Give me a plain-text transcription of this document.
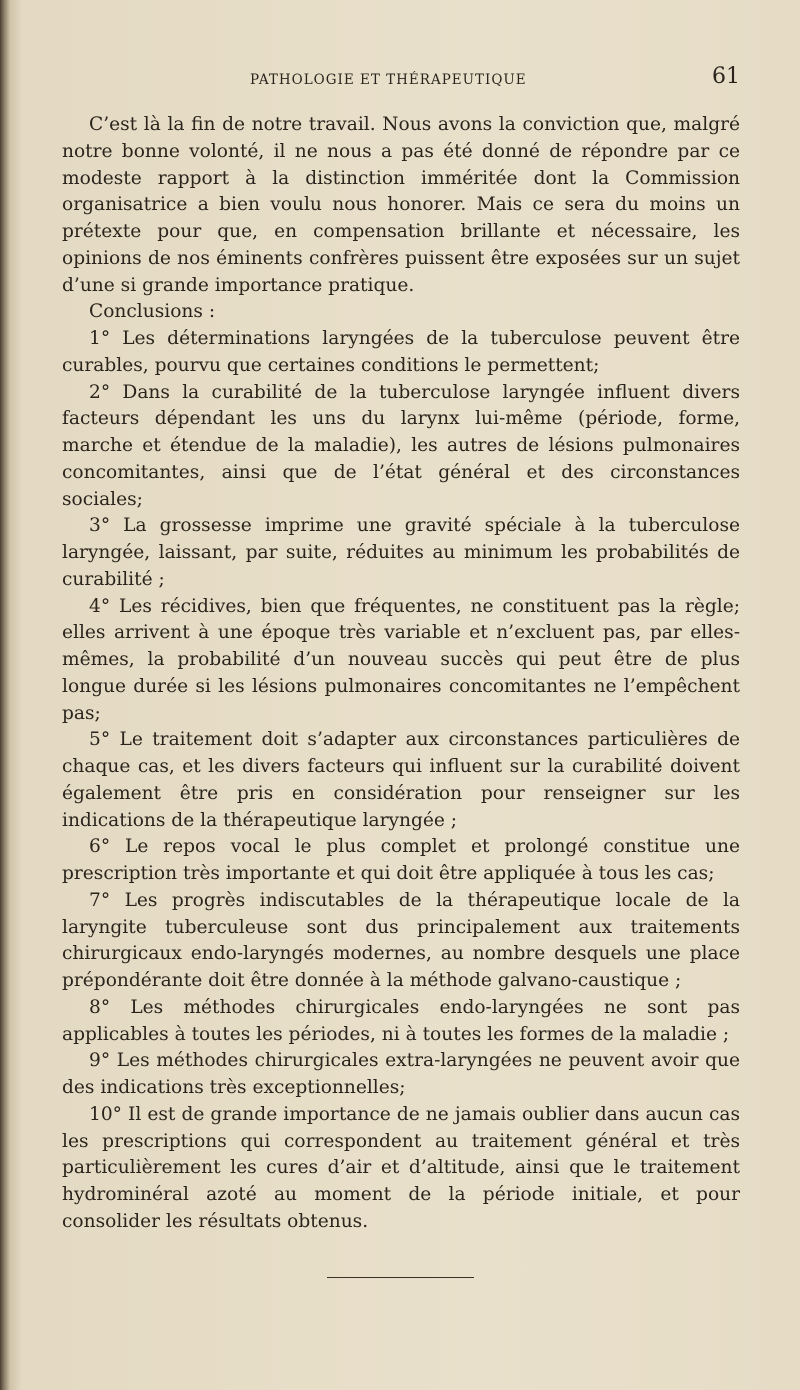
PATHOLOGIE ET THÉRAPEUTIQUE	61

C’est là la fin de notre travail. Nous avons la conviction que, malgré notre bonne volonté, il ne nous a pas été donné de répondre par ce modeste rapport à la distinction imméritée dont la Commission organisatrice a bien voulu nous honorer. Mais ce sera du moins un prétexte pour que, en compensation brillante et nécessaire, les opinions de nos éminents confrères puissent être exposées sur un sujet d’une si grande importance pratique.

Conclusions :

1° Les déterminations laryngées de la tuberculose peuvent être curables, pourvu que certaines conditions le permettent;

2° Dans la curabilité de la tuberculose laryngée influent divers facteurs dépendant les uns du larynx lui-même (période, forme, marche et étendue de la maladie), les autres de lésions pulmonaires concomitantes, ainsi que de l’état général et des circonstances sociales;

3° La grossesse imprime une gravité spéciale à la tuberculose laryngée, laissant, par suite, réduites au minimum les probabilités de curabilité ;

4° Les récidives, bien que fréquentes, ne constituent pas la règle; elles arrivent à une époque très variable et n’excluent pas, par elles-mêmes, la probabilité d’un nouveau succès qui peut être de plus longue durée si les lésions pulmonaires concomitantes ne l’empêchent pas;

5° Le traitement doit s’adapter aux circonstances particulières de chaque cas, et les divers facteurs qui influent sur la curabilité doivent également être pris en considération pour renseigner sur les indications de la thérapeutique laryngée ;

6° Le repos vocal le plus complet et prolongé constitue une prescription très importante et qui doit être appliquée à tous les cas;

7° Les progrès indiscutables de la thérapeutique locale de la laryngite tuberculeuse sont dus principalement aux traitements chirurgicaux endo-laryngés modernes, au nombre desquels une place prépondérante doit être donnée à la méthode galvano-caustique ;

8° Les méthodes chirurgicales endo-laryngées ne sont pas applicables à toutes les périodes, ni à toutes les formes de la maladie ;

9° Les méthodes chirurgicales extra-laryngées ne peuvent avoir que des indications très exceptionnelles;

10° Il est de grande importance de ne jamais oublier dans aucun cas les prescriptions qui correspondent au traitement général et très particulièrement les cures d’air et d’altitude, ainsi que le traitement hydrominéral azoté au moment de la période initiale, et pour consolider les résultats obtenus.
